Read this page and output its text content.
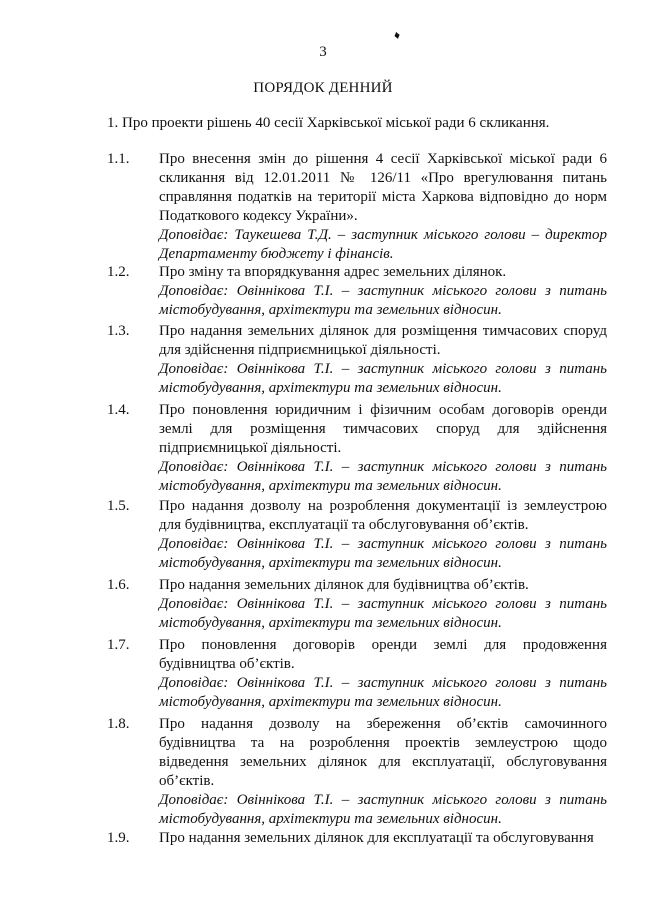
3
♦
ПОРЯДОК ДЕННИЙ
1. Про проекти рішень 40 сесії Харківської міської ради 6 скликання.
1.1.	Про внесення змін до рішення 4 сесії Харківської міської ради 6 скликання від 12.01.2011 № 126/11 «Про врегулювання питань справляння податків на території міста Харкова відповідно до норм Податкового кодексу України».
Доповідає: Таукешева Т.Д. – заступник міського голови – директор Департаменту бюджету і фінансів.
1.2.	Про зміну та впорядкування адрес земельних ділянок.
Доповідає: Овіннікова Т.І. – заступник міського голови з питань містобудування, архітектури та земельних відносин.
1.3.	Про надання земельних ділянок для розміщення тимчасових споруд для здійснення підприємницької діяльності.
Доповідає: Овіннікова Т.І. – заступник міського голови з питань містобудування, архітектури та земельних відносин.
1.4.	Про поновлення юридичним і фізичним особам договорів оренди землі для розміщення тимчасових споруд для здійснення підприємницької діяльності.
Доповідає: Овіннікова Т.І. – заступник міського голови з питань містобудування, архітектури та земельних відносин.
1.5.	Про надання дозволу на розроблення документації із землеустрою для будівництва, експлуатації та обслуговування об’єктів.
Доповідає: Овіннікова Т.І. – заступник міського голови з питань містобудування, архітектури та земельних відносин.
1.6.	Про надання земельних ділянок для будівництва об’єктів.
Доповідає: Овіннікова Т.І. – заступник міського голови з питань містобудування, архітектури та земельних відносин.
1.7.	Про поновлення договорів оренди землі для продовження будівництва об’єктів.
Доповідає: Овіннікова Т.І. – заступник міського голови з питань містобудування, архітектури та земельних відносин.
1.8.	Про надання дозволу на збереження об’єктів самочинного будівництва та на розроблення проектів землеустрою щодо відведення земельних ділянок для експлуатації, обслуговування об’єктів.
Доповідає: Овіннікова Т.І. – заступник міського голови з питань містобудування, архітектури та земельних відносин.
1.9.	Про надання земельних ділянок для експлуатації та обслуговування
